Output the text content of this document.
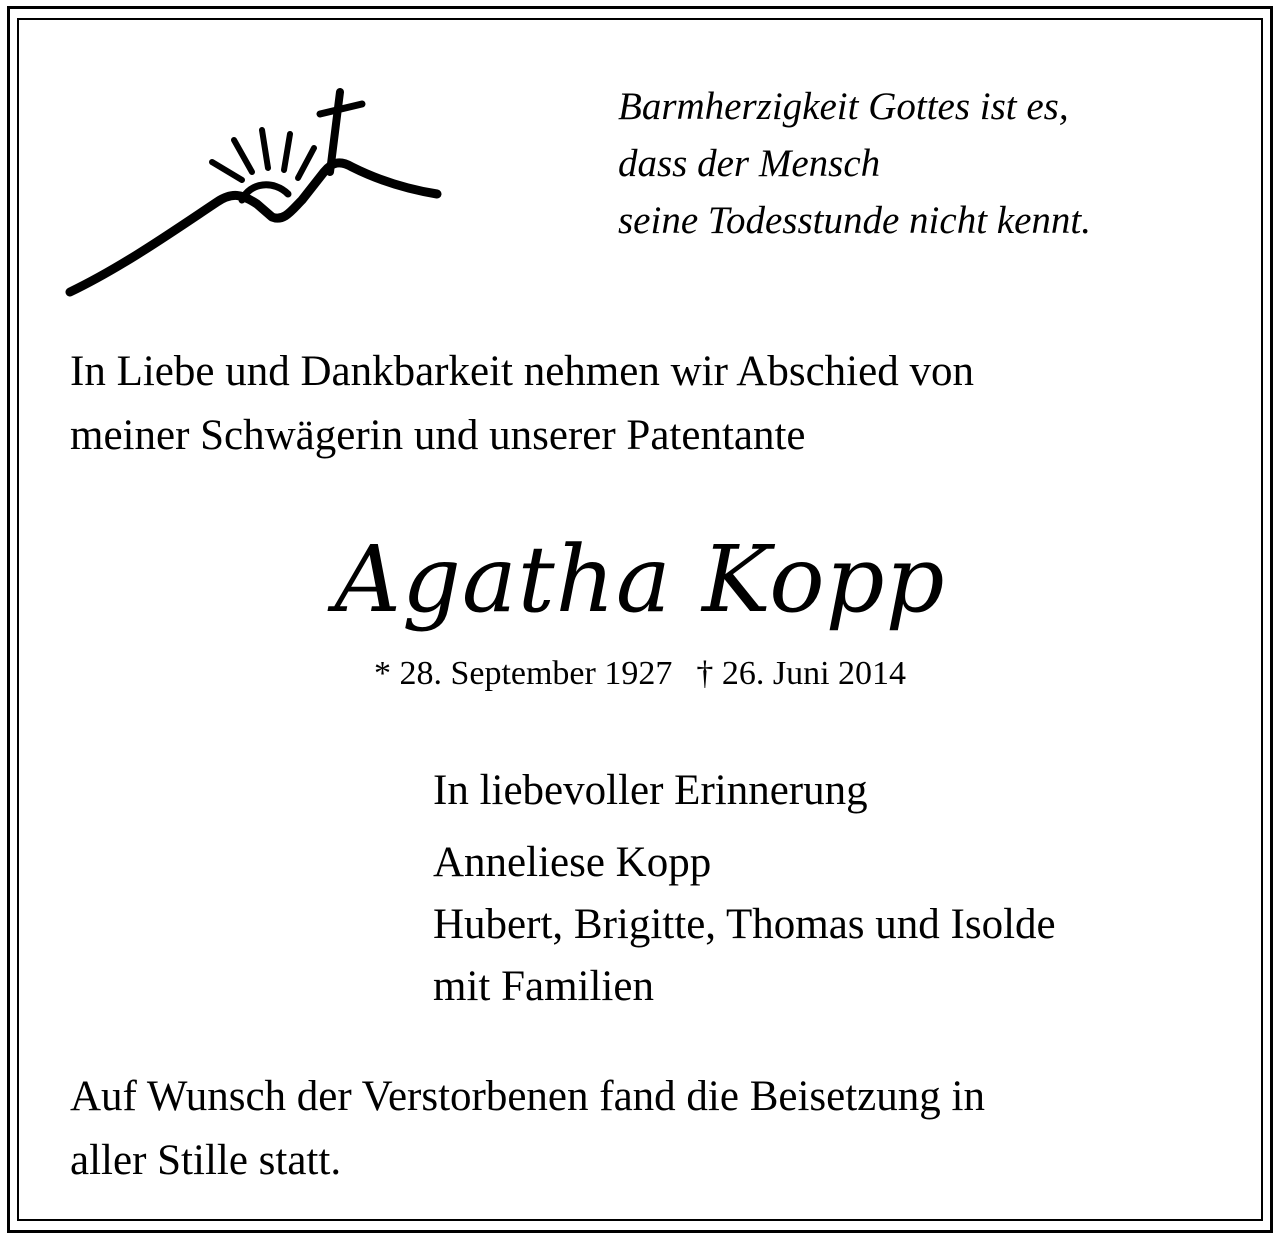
Barmherzigkeit Gottes ist es,
dass der Mensch
seine Todesstunde nicht kennt.
In Liebe und Dankbarkeit nehmen wir Abschied von
meiner Schwägerin und unserer Patentante
Agatha Kopp
* 28. September 1927 † 26. Juni 2014
In liebevoller Erinnerung
Anneliese Kopp
Hubert, Brigitte, Thomas und Isolde
mit Familien
Auf Wunsch der Verstorbenen fand die Beisetzung in
aller Stille statt.
